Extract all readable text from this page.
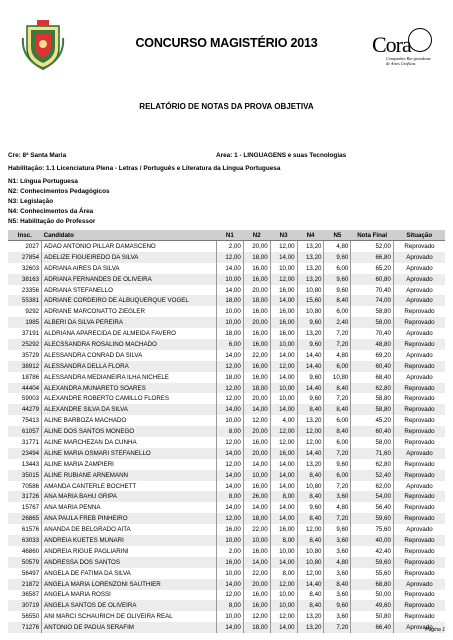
CONCURSO MAGISTÉRIO 2013	Cora
Companhia Rio-grandense
de Artes Gráficas
RELATÓRIO DE NOTAS DA PROVA OBJETIVA
Cre: 8ª Santa Maria	Area: 1 - LINGUAGENS e suas Tecnologias
Habilitação: 1.1 Licenciatura Plena - Letras / Português e Literatura da Língua Portuguesa
N1: Língua Portuguesa
N2: Conhecimentos Pedagógicos
N3: Legislação
N4: Conhecimentos da Área
N5: Habilitação do Professor
Insc.	Candidato	N1	N2	N3	N4	N5	Nota Final	Situação
2027	ADAO ANTONIO PILLAR DAMASCENO	2,00	20,00	12,00	13,20	4,80	52,00	Reprovado
27854	ADELIZE FIGUEIREDO DA SILVA	12,00	18,00	14,00	13,20	9,60	66,80	Aprovado
32603	ADRIANA AIRES DA SILVA	14,00	16,00	10,00	13,20	6,00	65,20	Aprovado
38163	ADRIANA FERNANDES DE OLIVEIRA	10,00	16,00	12,00	13,20	9,60	60,80	Aprovado
23356	ADRIANA STEFANELLO	14,00	20,00	16,00	10,80	9,60	70,40	Aprovado
55381	ADRIANE CORDEIRO DE ALBUQUERQUE VOGEL	18,00	18,00	14,00	15,60	8,40	74,00	Aprovado
9292	ADRIANE MARCONATTO ZIEGLER	10,00	16,00	16,00	10,80	6,00	58,80	Reprovado
1985	ALBERI DA SILVA PEREIRA	10,00	20,00	16,00	9,60	2,40	58,00	Reprovado
37191	ALDRIANA APARECIDA DE ALMEIDA FAVERO	18,00	16,00	16,00	13,20	7,20	70,40	Aprovado
25292	ALECSSANDRA ROSALINO MACHADO	6,00	16,00	10,00	9,60	7,20	48,80	Reprovado
35729	ALESSANDRA CONRAD DA SILVA	14,00	22,00	14,00	14,40	4,80	69,20	Aprovado
38912	ALESSANDRA DELLA FLORA	12,00	16,00	12,00	14,40	6,00	60,40	Reprovado
18786	ALESSANDRA MEDIANEIRA ILHA NICHELE	18,00	16,00	14,00	9,60	10,80	68,40	Aprovado
44404	ALEXANDRA MUNARETO SOARES	12,00	18,00	10,00	14,40	8,40	62,80	Reprovado
59003	ALEXANDRE ROBERTO CAMILLO FLORES	12,00	20,00	10,00	9,60	7,20	58,80	Reprovado
44279	ALEXANDRE SILVA DA SILVA	14,00	14,00	14,00	8,40	8,40	58,80	Reprovado
75413	ALINE BARBOZA MACHADO	10,00	12,00	4,00	13,20	6,00	45,20	Reprovado
61057	ALINE DOS SANTOS MONEGO	8,00	20,00	12,00	12,00	8,40	60,40	Reprovado
31771	ALINE MARCHEZAN DA CUNHA	12,00	16,00	12,00	12,00	6,00	58,00	Reprovado
23494	ALINE MARIA OSMARI STEFANELLO	14,00	20,00	16,00	14,40	7,20	71,60	Aprovado
13443	ALINE MARIA ZAMPIERI	12,00	14,00	14,00	13,20	9,60	62,80	Reprovado
35015	ALINE RUBIANE ARNEMANN	14,00	10,00	14,00	8,40	6,00	52,40	Reprovado
70586	AMANDA CANTERLE BOCHETT	14,00	16,00	14,00	10,80	7,20	62,00	Aprovado
31726	ANA MARIA BAHU GRIPA	8,00	26,00	8,00	8,40	3,60	54,00	Reprovado
15767	ANA MARIA PENNA	14,00	14,00	14,00	9,60	4,80	56,40	Reprovado
26865	ANA PAULA FREB PINHEIRO	12,00	18,00	14,00	8,40	7,20	59,60	Reprovado
61576	ANANDA DE BELGRADO AITA	16,00	22,00	16,00	12,00	9,60	75,60	Aprovado
63033	ANDREIA KUETES MUNARI	10,00	10,00	8,00	8,40	3,60	40,00	Reprovado
46860	ANDREIA RIGUE PAGLIARINI	2,00	16,00	10,00	10,80	3,60	42,40	Reprovado
50579	ANDRESSA DOS SANTOS	16,00	14,00	14,00	10,80	4,80	59,60	Reprovado
56497	ANGELA DE FATIMA DA SILVA	10,00	22,00	8,00	12,00	3,60	55,60	Reprovado
21872	ANGELA MARIA LORENZONI SAUTHIER	14,00	20,00	12,00	14,40	8,40	68,80	Aprovado
36587	ANGELA MARIA ROSSI	12,00	16,00	10,00	8,40	3,60	50,00	Reprovado
30719	ANGELA SANTOS DE OLIVEIRA	8,00	16,00	10,00	8,40	9,60	49,60	Reprovado
56550	ANI MARCI SCHAURICH DE OLIVEIRA REAL	10,00	12,00	12,00	13,20	3,60	50,80	Reprovado
71276	ANTONIO DE PADUA SERAFIM	14,00	18,00	14,00	13,20	7,20	66,40	Aprovado
Página 1
